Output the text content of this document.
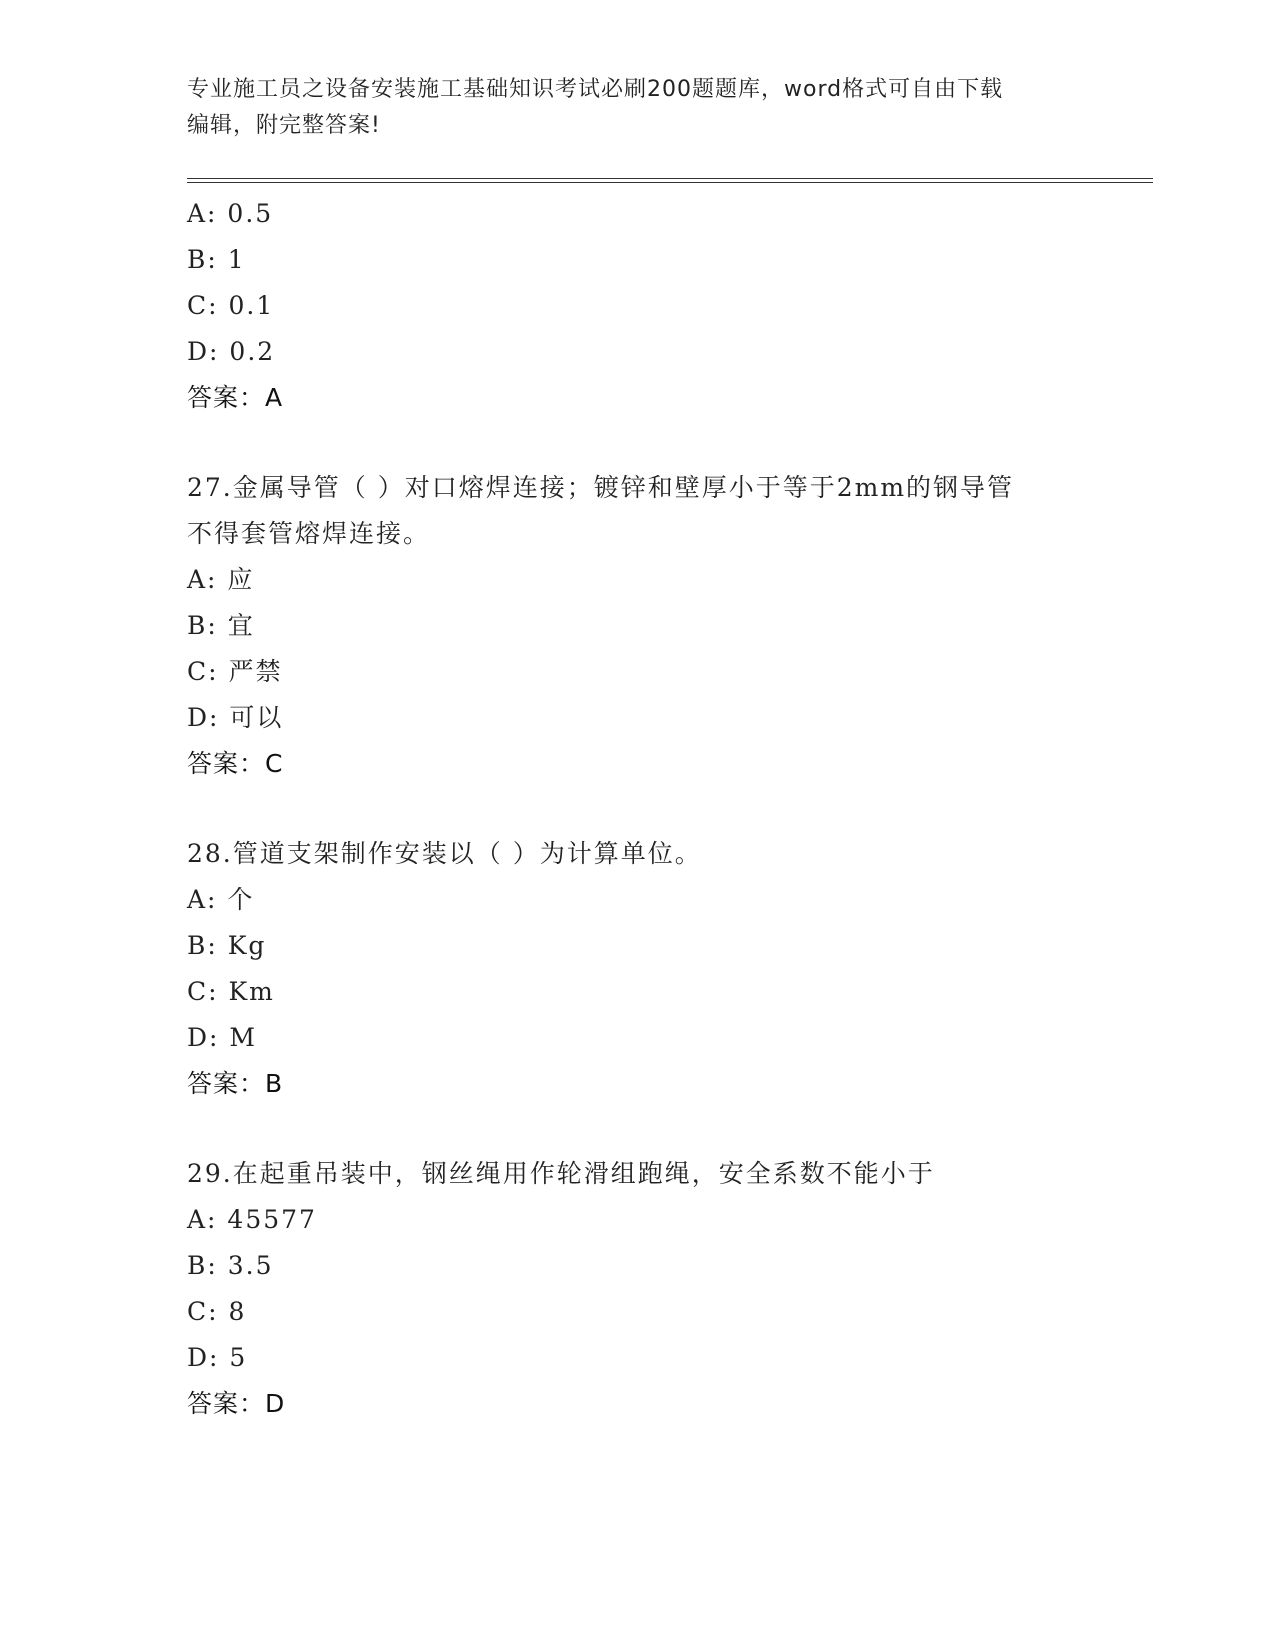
专业施工员之设备安装施工基础知识考试必刷200题题库，word格式可自由下载
编辑，附完整答案!
A: 0.5
B: 1
C: 0.1
D: 0.2
答案：A
27.金属导管（ ）对口熔焊连接；镀锌和壁厚小于等于2mm的钢导管
不得套管熔焊连接。
A: 应
B: 宜
C: 严禁
D: 可以
答案：C
28.管道支架制作安装以（ ）为计算单位。
A: 个
B: Kg
C: Km
D: M
答案：B
29.在起重吊装中，钢丝绳用作轮滑组跑绳，安全系数不能小于
A: 45577
B: 3.5
C: 8
D: 5
答案：D
